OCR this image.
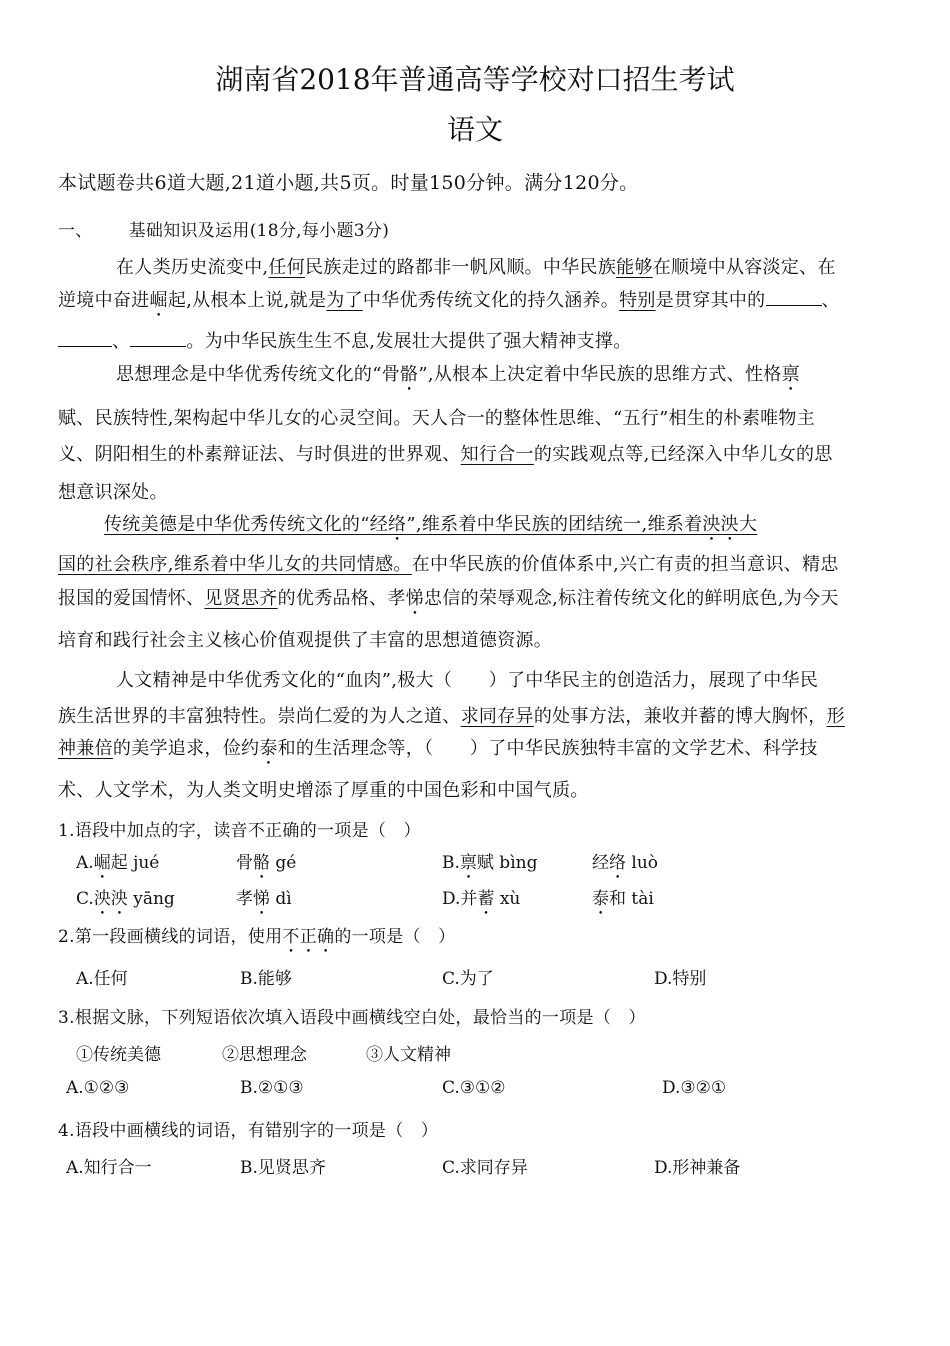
湖南省2018年普通高等学校对口招生考试
语文
本试题卷共6道大题,21道小题,共5页。时量150分钟。满分120分。
一、 基础知识及运用(18分,每小题3分)
在人类历史流变中,任何民族走过的路都非一帆风顺。中华民族能够在顺境中从容淡定、在
逆境中奋进崛起,从根本上说,就是为了中华优秀传统文化的持久涵养。特别是贯穿其中的	、
、	。为中华民族生生不息,发展壮大提供了强大精神支撑。
思想理念是中华优秀传统文化的“骨骼”,从根本上决定着中华民族的思维方式、性格禀
赋、民族特性,架构起中华儿女的心灵空间。天人合一的整体性思维、“五行”相生的朴素唯物主
义、阴阳相生的朴素辩证法、与时俱进的世界观、知行合一的实践观点等,已经深入中华儿女的思
想意识深处。
传统美德是中华优秀传统文化的“经络”,维系着中华民族的团结统一,维系着泱泱大
国的社会秩序,维系着中华儿女的共同情感。在中华民族的价值体系中,兴亡有责的担当意识、精忠
报国的爱国情怀、见贤思齐的优秀品格、孝悌忠信的荣辱观念,标注着传统文化的鲜明底色,为今天
培育和践行社会主义核心价值观提供了丰富的思想道德资源。
人文精神是中华优秀文化的“血肉”,极大（　　）了中华民主的创造活力，展现了中华民
族生活世界的丰富独特性。崇尚仁爱的为人之道、求同存异的处事方法，兼收并蓄的博大胸怀，形
神兼倍的美学追求，俭约泰和的生活理念等，（　　）了中华民族独特丰富的文学艺术、科学技
术、人文学术，为人类文明史增添了厚重的中国色彩和中国气质。
1.语段中加点的字，读音不正确的一项是（　）
A.崛起 jué	骨骼 gé	B.禀赋 bìng	经络 luò
C.泱泱 yāng	孝悌 dì	D.并蓄 xù	泰和 tài
2.第一段画横线的词语，使用不正确的一项是（　）
A.任何	B.能够	C.为了	D.特别
3.根据文脉，下列短语依次填入语段中画横线空白处，最恰当的一项是（　）
①传统美德	②思想理念	③人文精神
A.①②③	B.②①③	C.③①②	D.③②①
4.语段中画横线的词语，有错别字的一项是（　）
A.知行合一	B.见贤思齐	C.求同存异	D.形神兼备
